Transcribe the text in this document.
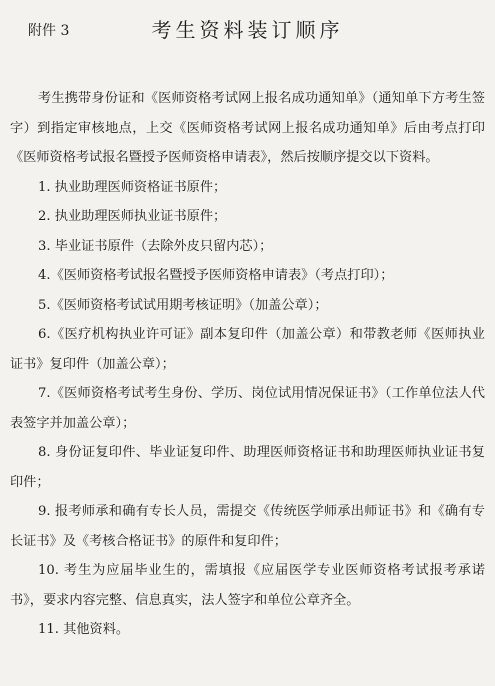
附件 3	考生资料装订顺序

考生携带身份证和《医师资格考试网上报名成功通知单》（通知单下方考生签字）到指定审核地点，上交《医师资格考试网上报名成功通知单》后由考点打印《医师资格考试报名暨授予医师资格申请表》，然后按顺序提交以下资料。

1. 执业助理医师资格证书原件；
2. 执业助理医师执业证书原件；
3. 毕业证书原件（去除外皮只留内芯）；
4.《医师资格考试报名暨授予医师资格申请表》（考点打印）；
5.《医师资格考试试用期考核证明》（加盖公章）；
6.《医疗机构执业许可证》副本复印件（加盖公章）和带教老师《医师执业证书》复印件（加盖公章）；
7.《医师资格考试考生身份、学历、岗位试用情况保证书》（工作单位法人代表签字并加盖公章）；
8. 身份证复印件、毕业证复印件、助理医师资格证书和助理医师执业证书复印件；
9. 报考师承和确有专长人员，需提交《传统医学师承出师证书》和《确有专长证书》及《考核合格证书》的原件和复印件；
10. 考生为应届毕业生的，需填报《应届医学专业医师资格考试报考承诺书》，要求内容完整、信息真实，法人签字和单位公章齐全。
11. 其他资料。
